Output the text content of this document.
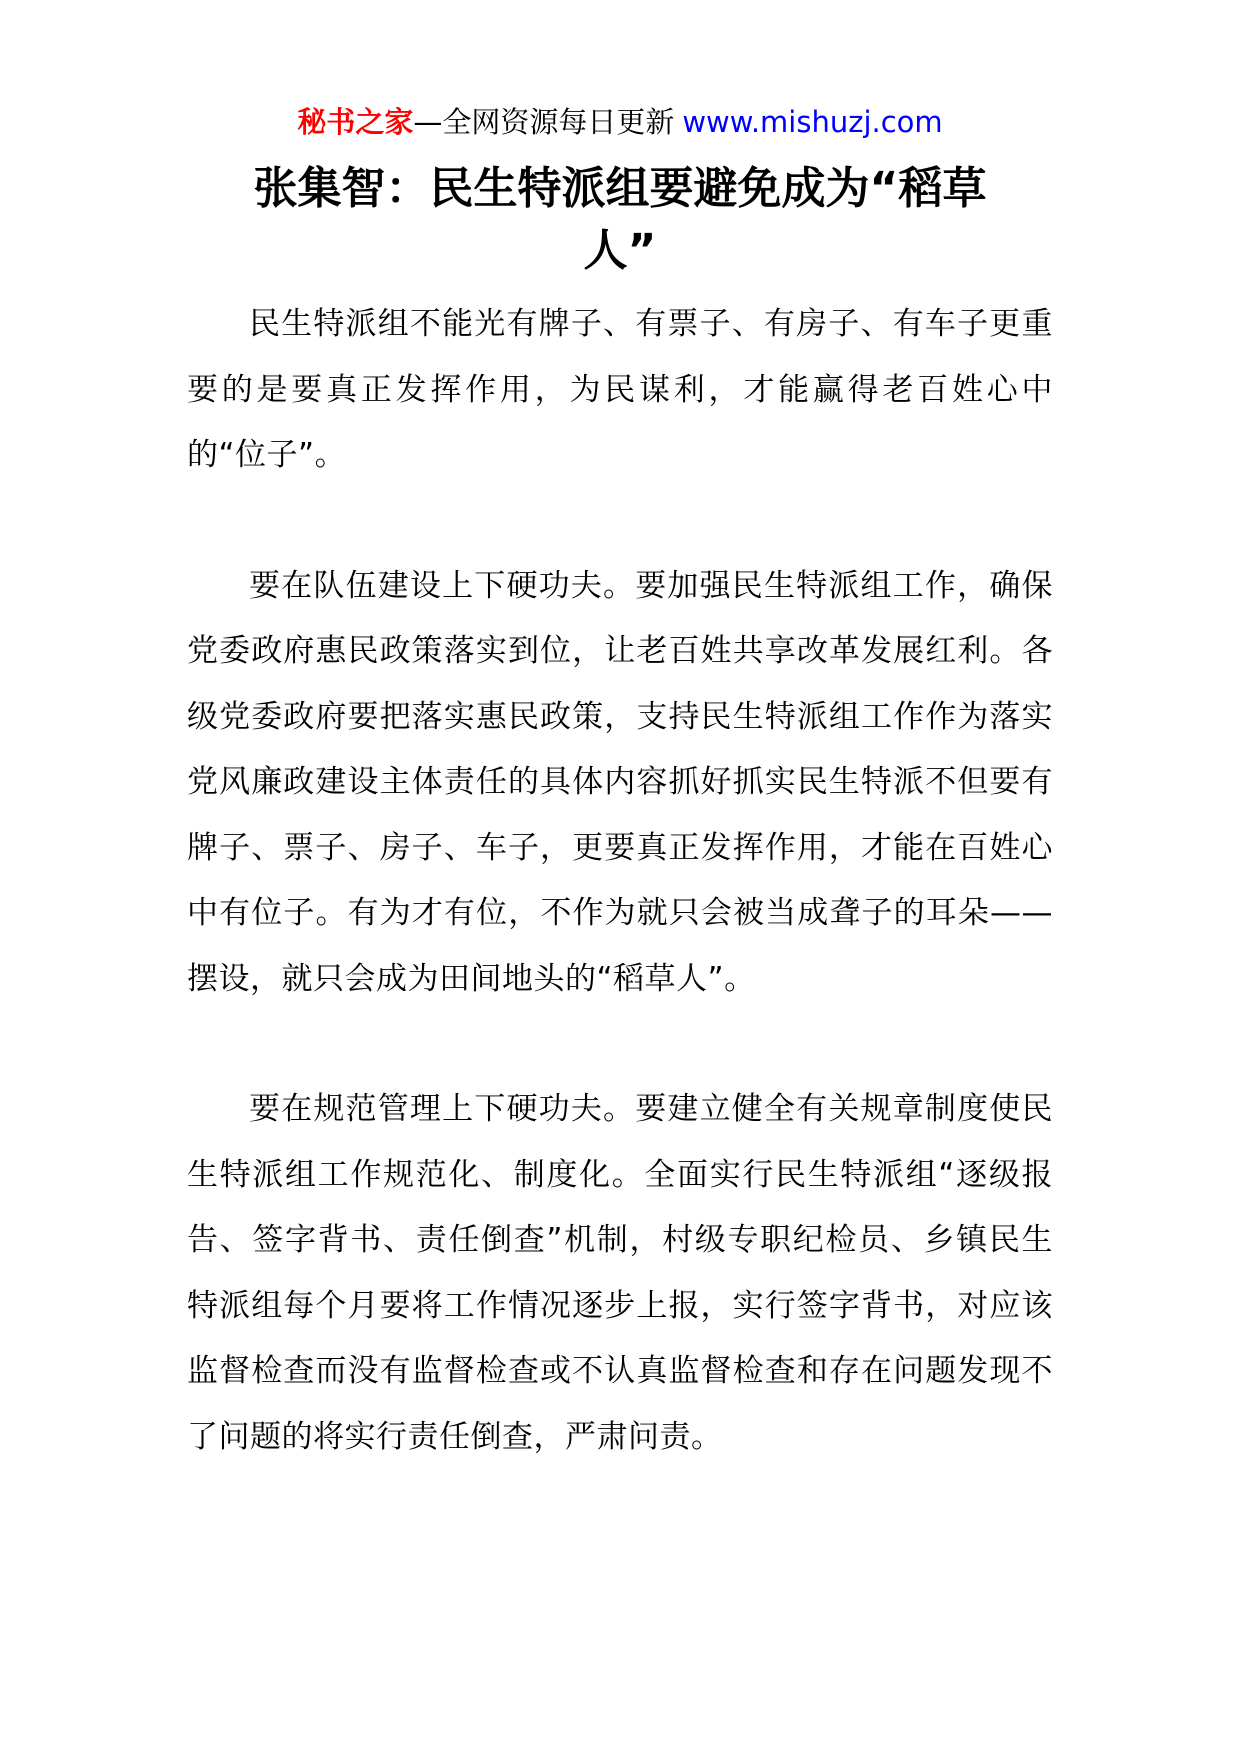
秘书之家—全网资源每日更新 www.mishuzj.com
张集智：民生特派组要避免成为“稻草人”

民生特派组不能光有牌子、有票子、有房子、有车子更重要的是要真正发挥作用，为民谋利，才能赢得老百姓心中的“位子”。

要在队伍建设上下硬功夫。要加强民生特派组工作，确保党委政府惠民政策落实到位，让老百姓共享改革发展红利。各级党委政府要把落实惠民政策，支持民生特派组工作作为落实党风廉政建设主体责任的具体内容抓好抓实民生特派不但要有牌子、票子、房子、车子，更要真正发挥作用，才能在百姓心中有位子。有为才有位，不作为就只会被当成聋子的耳朵——摆设，就只会成为田间地头的“稻草人”。

要在规范管理上下硬功夫。要建立健全有关规章制度使民生特派组工作规范化、制度化。全面实行民生特派组“逐级报告、签字背书、责任倒查”机制，村级专职纪检员、乡镇民生特派组每个月要将工作情况逐步上报，实行签字背书，对应该监督检查而没有监督检查或不认真监督检查和存在问题发现不了问题的将实行责任倒查，严肃问责。
